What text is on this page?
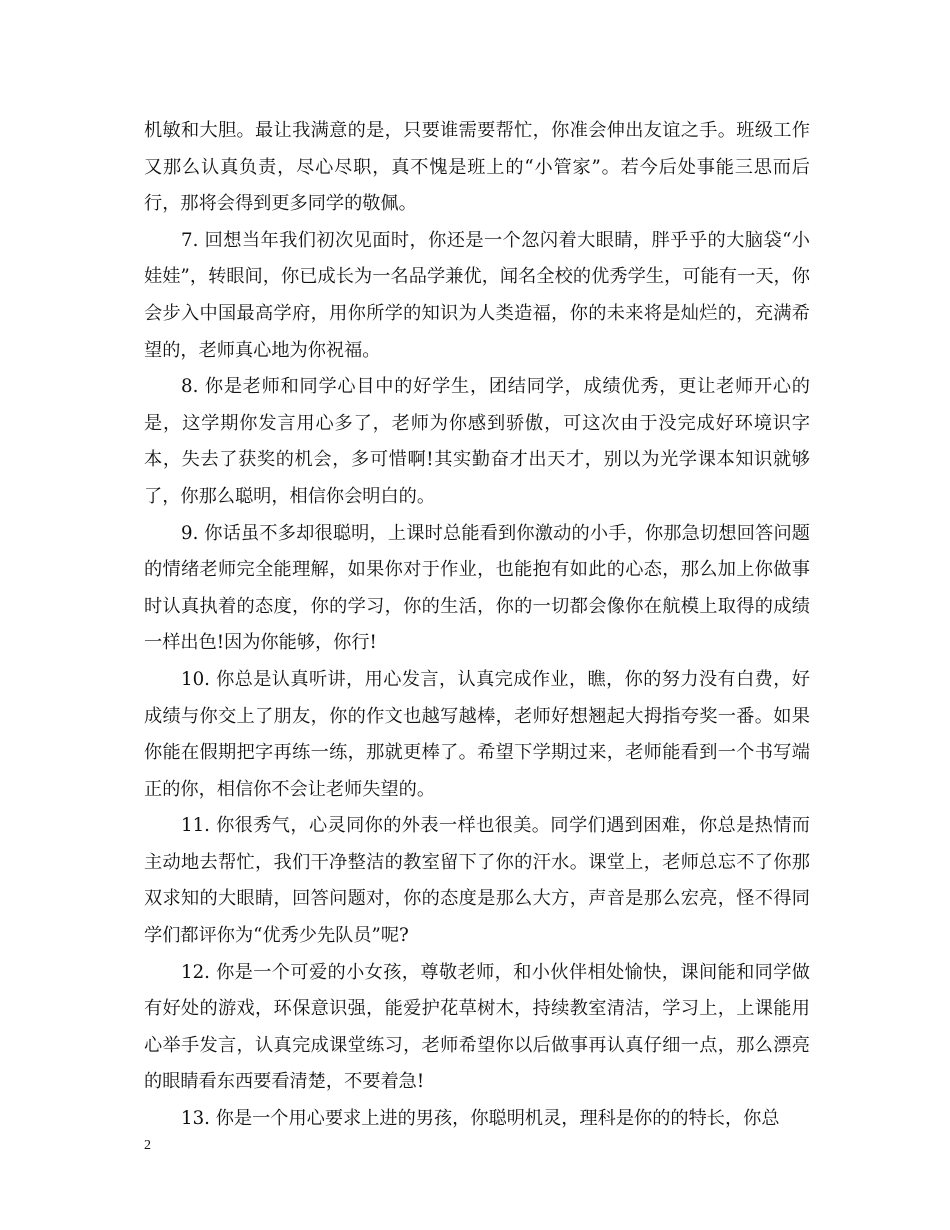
机敏和大胆。最让我满意的是，只要谁需要帮忙，你准会伸出友谊之手。班级工作又那么认真负责，尽心尽职，真不愧是班上的“小管家”。若今后处事能三思而后行，那将会得到更多同学的敬佩。

7. 回想当年我们初次见面时，你还是一个忽闪着大眼睛，胖乎乎的大脑袋“小娃娃”，转眼间，你已成长为一名品学兼优，闻名全校的优秀学生，可能有一天，你会步入中国最高学府，用你所学的知识为人类造福，你的未来将是灿烂的，充满希望的，老师真心地为你祝福。

8. 你是老师和同学心目中的好学生，团结同学，成绩优秀，更让老师开心的是，这学期你发言用心多了，老师为你感到骄傲，可这次由于没完成好环境识字本，失去了获奖的机会，多可惜啊!其实勤奋才出天才，别以为光学课本知识就够了，你那么聪明，相信你会明白的。

9. 你话虽不多却很聪明，上课时总能看到你激动的小手，你那急切想回答问题的情绪老师完全能理解，如果你对于作业，也能抱有如此的心态，那么加上你做事时认真执着的态度，你的学习，你的生活，你的一切都会像你在航模上取得的成绩一样出色!因为你能够，你行!

10. 你总是认真听讲，用心发言，认真完成作业，瞧，你的努力没有白费，好成绩与你交上了朋友，你的作文也越写越棒，老师好想翘起大拇指夸奖一番。如果你能在假期把字再练一练，那就更棒了。希望下学期过来，老师能看到一个书写端正的你，相信你不会让老师失望的。

11. 你很秀气，心灵同你的外表一样也很美。同学们遇到困难，你总是热情而主动地去帮忙，我们干净整洁的教室留下了你的汗水。课堂上，老师总忘不了你那双求知的大眼睛，回答问题对，你的态度是那么大方，声音是那么宏亮，怪不得同学们都评你为“优秀少先队员”呢?

12. 你是一个可爱的小女孩，尊敬老师，和小伙伴相处愉快，课间能和同学做有好处的游戏，环保意识强，能爱护花草树木，持续教室清洁，学习上，上课能用心举手发言，认真完成课堂练习，老师希望你以后做事再认真仔细一点，那么漂亮的眼睛看东西要看清楚，不要着急!

13. 你是一个用心要求上进的男孩，你聪明机灵，理科是你的的特长，你总

2
